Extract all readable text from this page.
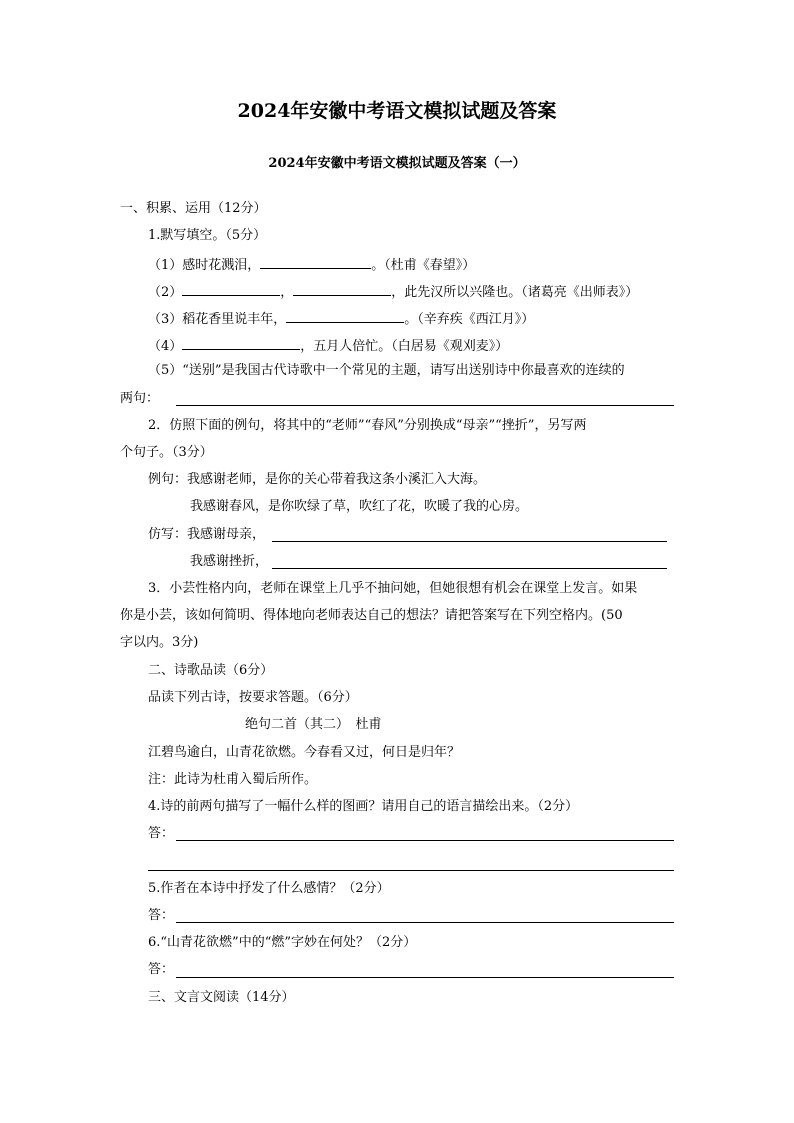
2024年安徽中考语文模拟试题及答案
2024年安徽中考语文模拟试题及答案（一）
一、积累、运用（12分）
1.默写填空。（5分）
（1）感时花溅泪，	。（杜甫《春望》）
（2）	，	，此先汉所以兴隆也。（诸葛亮《出师表》）
（3）稻花香里说丰年，	。（辛弃疾《西江月》）
（4）	，五月人倍忙。（白居易《观刈麦》）
（5）“送别”是我国古代诗歌中一个常见的主题，请写出送别诗中你最喜欢的连续的
两句：
2．仿照下面的例句，将其中的“老师”“春风”分别换成“母亲”“挫折”，另写两
个句子。（3分）
例句：我感谢老师，是你的关心带着我这条小溪汇入大海。
我感谢春风，是你吹绿了草，吹红了花，吹暖了我的心房。
仿写：我感谢母亲，
我感谢挫折，
3．小芸性格内向，老师在课堂上几乎不抽问她，但她很想有机会在课堂上发言。如果
你是小芸，该如何简明、得体地向老师表达自己的想法？请把答案写在下列空格内。(50
字以内。3分)
二、诗歌品读（6分）
品读下列古诗，按要求答题。（6分）
绝句二首（其二）　杜甫
江碧鸟逾白，山青花欲燃。今春看又过，何日是归年？
注：此诗为杜甫入蜀后所作。
4.诗的前两句描写了一幅什么样的图画？请用自己的语言描绘出来。（2分）
答：
5.作者在本诗中抒发了什么感情？（2分）
答：
6.“山青花欲燃”中的“燃”字妙在何处？（2分）
答：
三、文言文阅读（14分）
